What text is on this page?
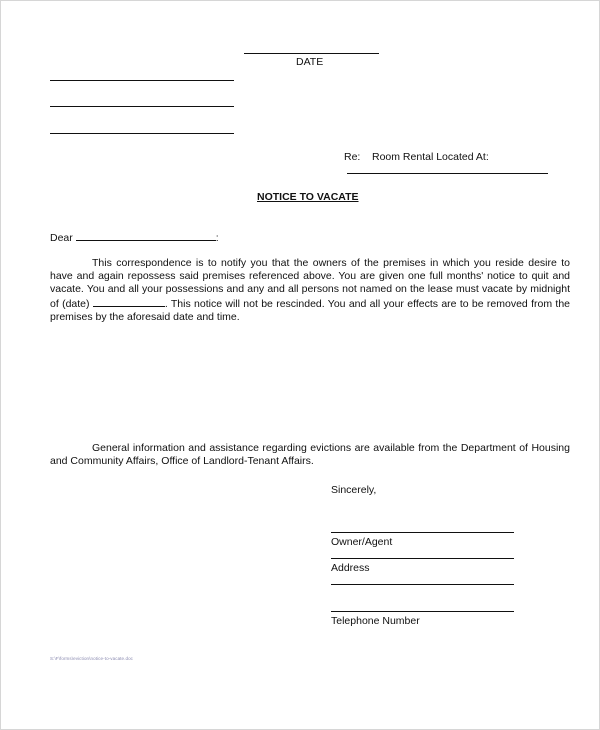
DATE
Re: Room Rental Located At:
NOTICE TO VACATE
Dear	:
This correspondence is to notify you that the owners of the premises in which you reside desire to have and again repossess said premises referenced above. You are given one full months' notice to quit and vacate. You and all your possessions and any and all persons not named on the lease must vacate by midnight of (date)	. This notice will not be rescinded. You and all your effects are to be removed from the premises by the aforesaid date and time.
General information and assistance regarding evictions are available from the Department of Housing and Community Affairs, Office of Landlord-Tenant Affairs.
Sincerely,
Owner/Agent
Address
Telephone Number
S:\F\forms\eviction\notice-to-vacate.doc
